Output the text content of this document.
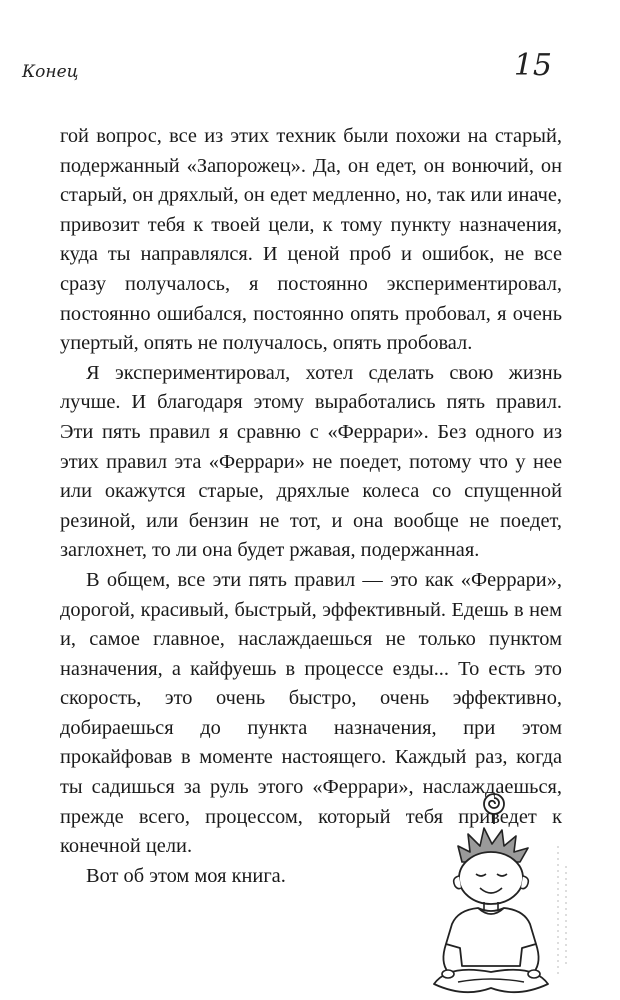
Конец	15

гой вопрос, все из этих техник были похожи на старый, подержанный «Запорожец». Да, он едет, он вонючий, он старый, он дряхлый, он едет медленно, но, так или иначе, привозит тебя к твоей цели, к тому пункту назначения, куда ты направлялся. И ценой проб и ошибок, не все сразу получалось, я постоянно экспериментировал, постоянно ошибался, постоянно опять пробовал, я очень упертый, опять не получалось, опять пробовал.

Я экспериментировал, хотел сделать свою жизнь лучше. И благодаря этому выработались пять правил. Эти пять правил я сравню с «Феррари». Без одного из этих правил эта «Феррари» не поедет, потому что у нее или окажутся старые, дряхлые колеса со спущенной резиной, или бензин не тот, и она вообще не поедет, заглохнет, то ли она будет ржавая, подержанная.

В общем, все эти пять правил — это как «Феррари», дорогой, красивый, быстрый, эффективный. Едешь в нем и, самое главное, наслаждаешься не только пунктом назначения, а кайфуешь в процессе езды... То есть это скорость, это очень быстро, очень эффективно, добираешься до пункта назначения, при этом прокайфовав в моменте настоящего. Каждый раз, когда ты садишься за руль этого «Феррари», наслаждаешься, прежде всего, процессом, который тебя приведет к конечной цели.

Вот об этом моя книга.
